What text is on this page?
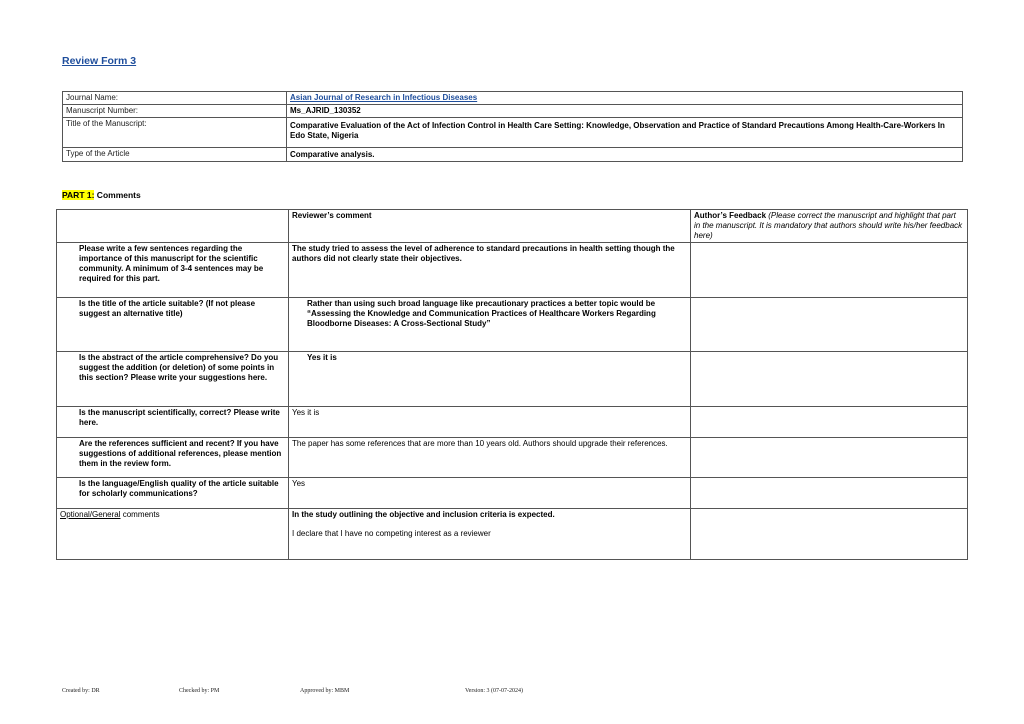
Review Form 3
Journal Name:	Asian Journal of Research in Infectious Diseases
Manuscript Number:	Ms_AJRID_130352
Title of the Manuscript:	Comparative Evaluation of the Act of Infection Control in Health Care Setting: Knowledge, Observation and Practice of Standard Precautions Among Health-Care-Workers In Edo State, Nigeria
Type of the Article	Comparative analysis.
PART 1: Comments
	Reviewer’s comment	Author’s Feedback (Please correct the manuscript and highlight that part in the manuscript. It is mandatory that authors should write his/her feedback here)
Please write a few sentences regarding the importance of this manuscript for the scientific community. A minimum of 3-4 sentences may be required for this part.	The study tried to assess the level of adherence to standard precautions in health setting though the authors did not clearly state their objectives.	
Is the title of the article suitable? (If not please suggest an alternative title)	Rather than using such broad language like precautionary practices a better topic would be “Assessing the Knowledge and Communication Practices of Healthcare Workers Regarding Bloodborne Diseases: A Cross-Sectional Study”	
Is the abstract of the article comprehensive? Do you suggest the addition (or deletion) of some points in this section? Please write your suggestions here.	Yes it is	
Is the manuscript scientifically, correct? Please write here.	Yes it is	
Are the references sufficient and recent? If you have suggestions of additional references, please mention them in the review form.	The paper has some references that are more than 10 years old. Authors should upgrade their references.	
Is the language/English quality of the article suitable for scholarly communications?	Yes	
Optional/General comments	In the study outlining the objective and inclusion criteria is expected.
I declare that I have no competing interest as a reviewer	

Created by: DR	Checked by: PM	Approved by: MBM	Version: 3 (07-07-2024)
